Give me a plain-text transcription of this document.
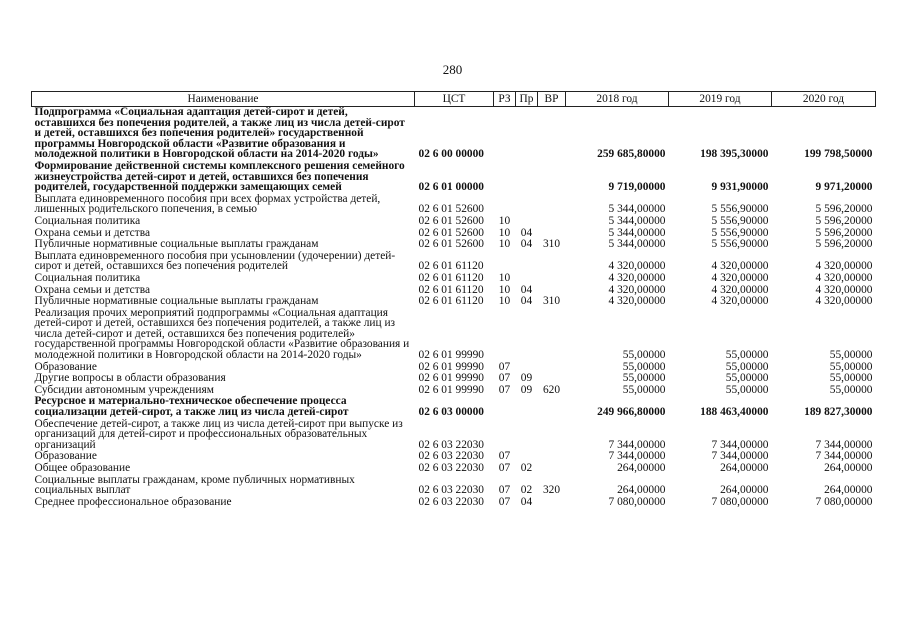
280
Наименование	ЦСТ	РЗ	Пр	ВР	2018 год	2019 год	2020 год
Подпрограмма «Социальная адаптация детей-сирот и детей, оставшихся без попечения родителей, а также лиц из числа детей-сирот и детей, оставшихся без попечения родителей» государственной программы Новгородской области «Развитие образования и молодежной политики в Новгородской области на 2014-2020 годы»	02 6 00 00000				259 685,80000	198 395,30000	199 798,50000
Формирование действенной системы комплексного решения семейного жизнеустройства детей-сирот и детей, оставшихся без попечения родителей, государственной поддержки замещающих семей	02 6 01 00000				9 719,00000	9 931,90000	9 971,20000
Выплата единовременного пособия при всех формах устройства детей, лишенных родительского попечения, в семью	02 6 01 52600				5 344,00000	5 556,90000	5 596,20000
Социальная политика	02 6 01 52600	10			5 344,00000	5 556,90000	5 596,20000
Охрана семьи и детства	02 6 01 52600	10	04		5 344,00000	5 556,90000	5 596,20000
Публичные нормативные социальные выплаты гражданам	02 6 01 52600	10	04	310	5 344,00000	5 556,90000	5 596,20000
Выплата единовременного пособия при усыновлении (удочерении) детей-сирот и детей, оставшихся без попечения родителей	02 6 01 61120				4 320,00000	4 320,00000	4 320,00000
Социальная политика	02 6 01 61120	10			4 320,00000	4 320,00000	4 320,00000
Охрана семьи и детства	02 6 01 61120	10	04		4 320,00000	4 320,00000	4 320,00000
Публичные нормативные социальные выплаты гражданам	02 6 01 61120	10	04	310	4 320,00000	4 320,00000	4 320,00000
Реализация прочих мероприятий подпрограммы «Социальная адаптация детей-сирот и детей, оставшихся без попечения родителей, а также лиц из числа детей-сирот и детей, оставшихся без попечения родителей» государственной программы Новгородской области «Развитие образования и молодежной политики в Новгородской области на 2014-2020 годы»	02 6 01 99990				55,00000	55,00000	55,00000
Образование	02 6 01 99990	07			55,00000	55,00000	55,00000
Другие вопросы в области образования	02 6 01 99990	07	09		55,00000	55,00000	55,00000
Субсидии автономным учреждениям	02 6 01 99990	07	09	620	55,00000	55,00000	55,00000
Ресурсное и материально-техническое обеспечение процесса социализации детей-сирот, а также лиц из числа детей-сирот	02 6 03 00000				249 966,80000	188 463,40000	189 827,30000
Обеспечение детей-сирот, а также лиц из числа детей-сирот при выпуске из организаций для детей-сирот и профессиональных образовательных организаций	02 6 03 22030				7 344,00000	7 344,00000	7 344,00000
Образование	02 6 03 22030	07			7 344,00000	7 344,00000	7 344,00000
Общее образование	02 6 03 22030	07	02		264,00000	264,00000	264,00000
Социальные выплаты гражданам, кроме публичных нормативных социальных выплат	02 6 03 22030	07	02	320	264,00000	264,00000	264,00000
Среднее профессиональное образование	02 6 03 22030	07	04		7 080,00000	7 080,00000	7 080,00000
